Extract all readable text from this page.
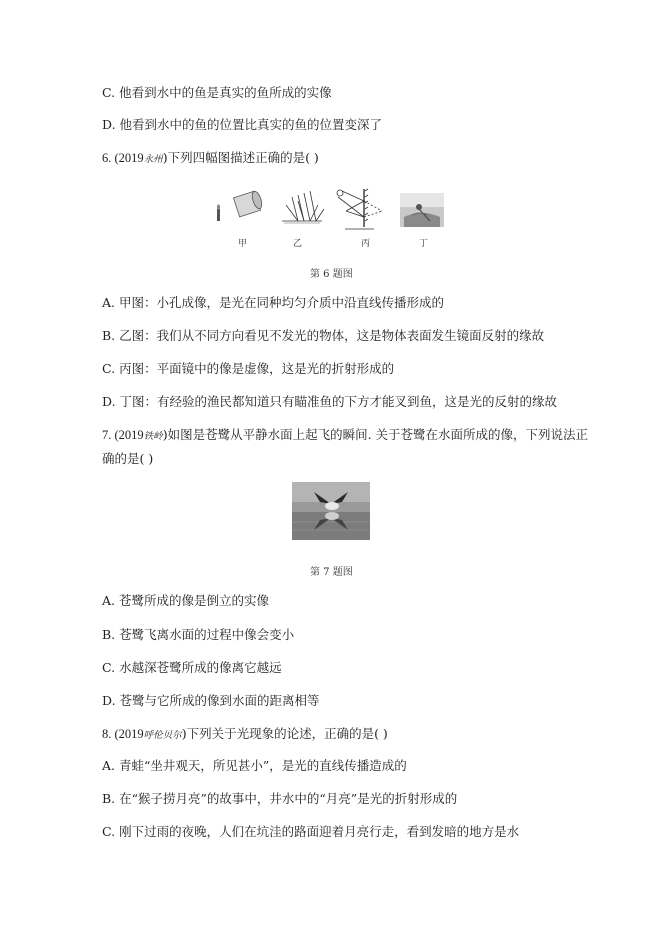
C. 他看到水中的鱼是真实的鱼所成的实像
D. 他看到水中的鱼的位置比真实的鱼的位置变深了
6. (2019永州)下列四幅图描述正确的是( )
甲	乙	丙	丁
第 6 题图
A. 甲图：小孔成像，是光在同种均匀介质中沿直线传播形成的
B. 乙图：我们从不同方向看见不发光的物体，这是物体表面发生镜面反射的缘故
C. 丙图：平面镜中的像是虚像，这是光的折射形成的
D. 丁图：有经验的渔民都知道只有瞄准鱼的下方才能叉到鱼，这是光的反射的缘故
7. (2019铁岭)如图是苍鹭从平静水面上起飞的瞬间. 关于苍鹭在水面所成的像，下列说法正
确的是( )
第 7 题图
A. 苍鹭所成的像是倒立的实像
B. 苍鹭飞离水面的过程中像会变小
C. 水越深苍鹭所成的像离它越远
D. 苍鹭与它所成的像到水面的距离相等
8. (2019呼伦贝尔)下列关于光现象的论述，正确的是( )
A. 青蛙“坐井观天，所见甚小”，是光的直线传播造成的
B. 在“猴子捞月亮”的故事中，井水中的“月亮”是光的折射形成的
C. 刚下过雨的夜晚，人们在坑洼的路面迎着月亮行走，看到发暗的地方是水
